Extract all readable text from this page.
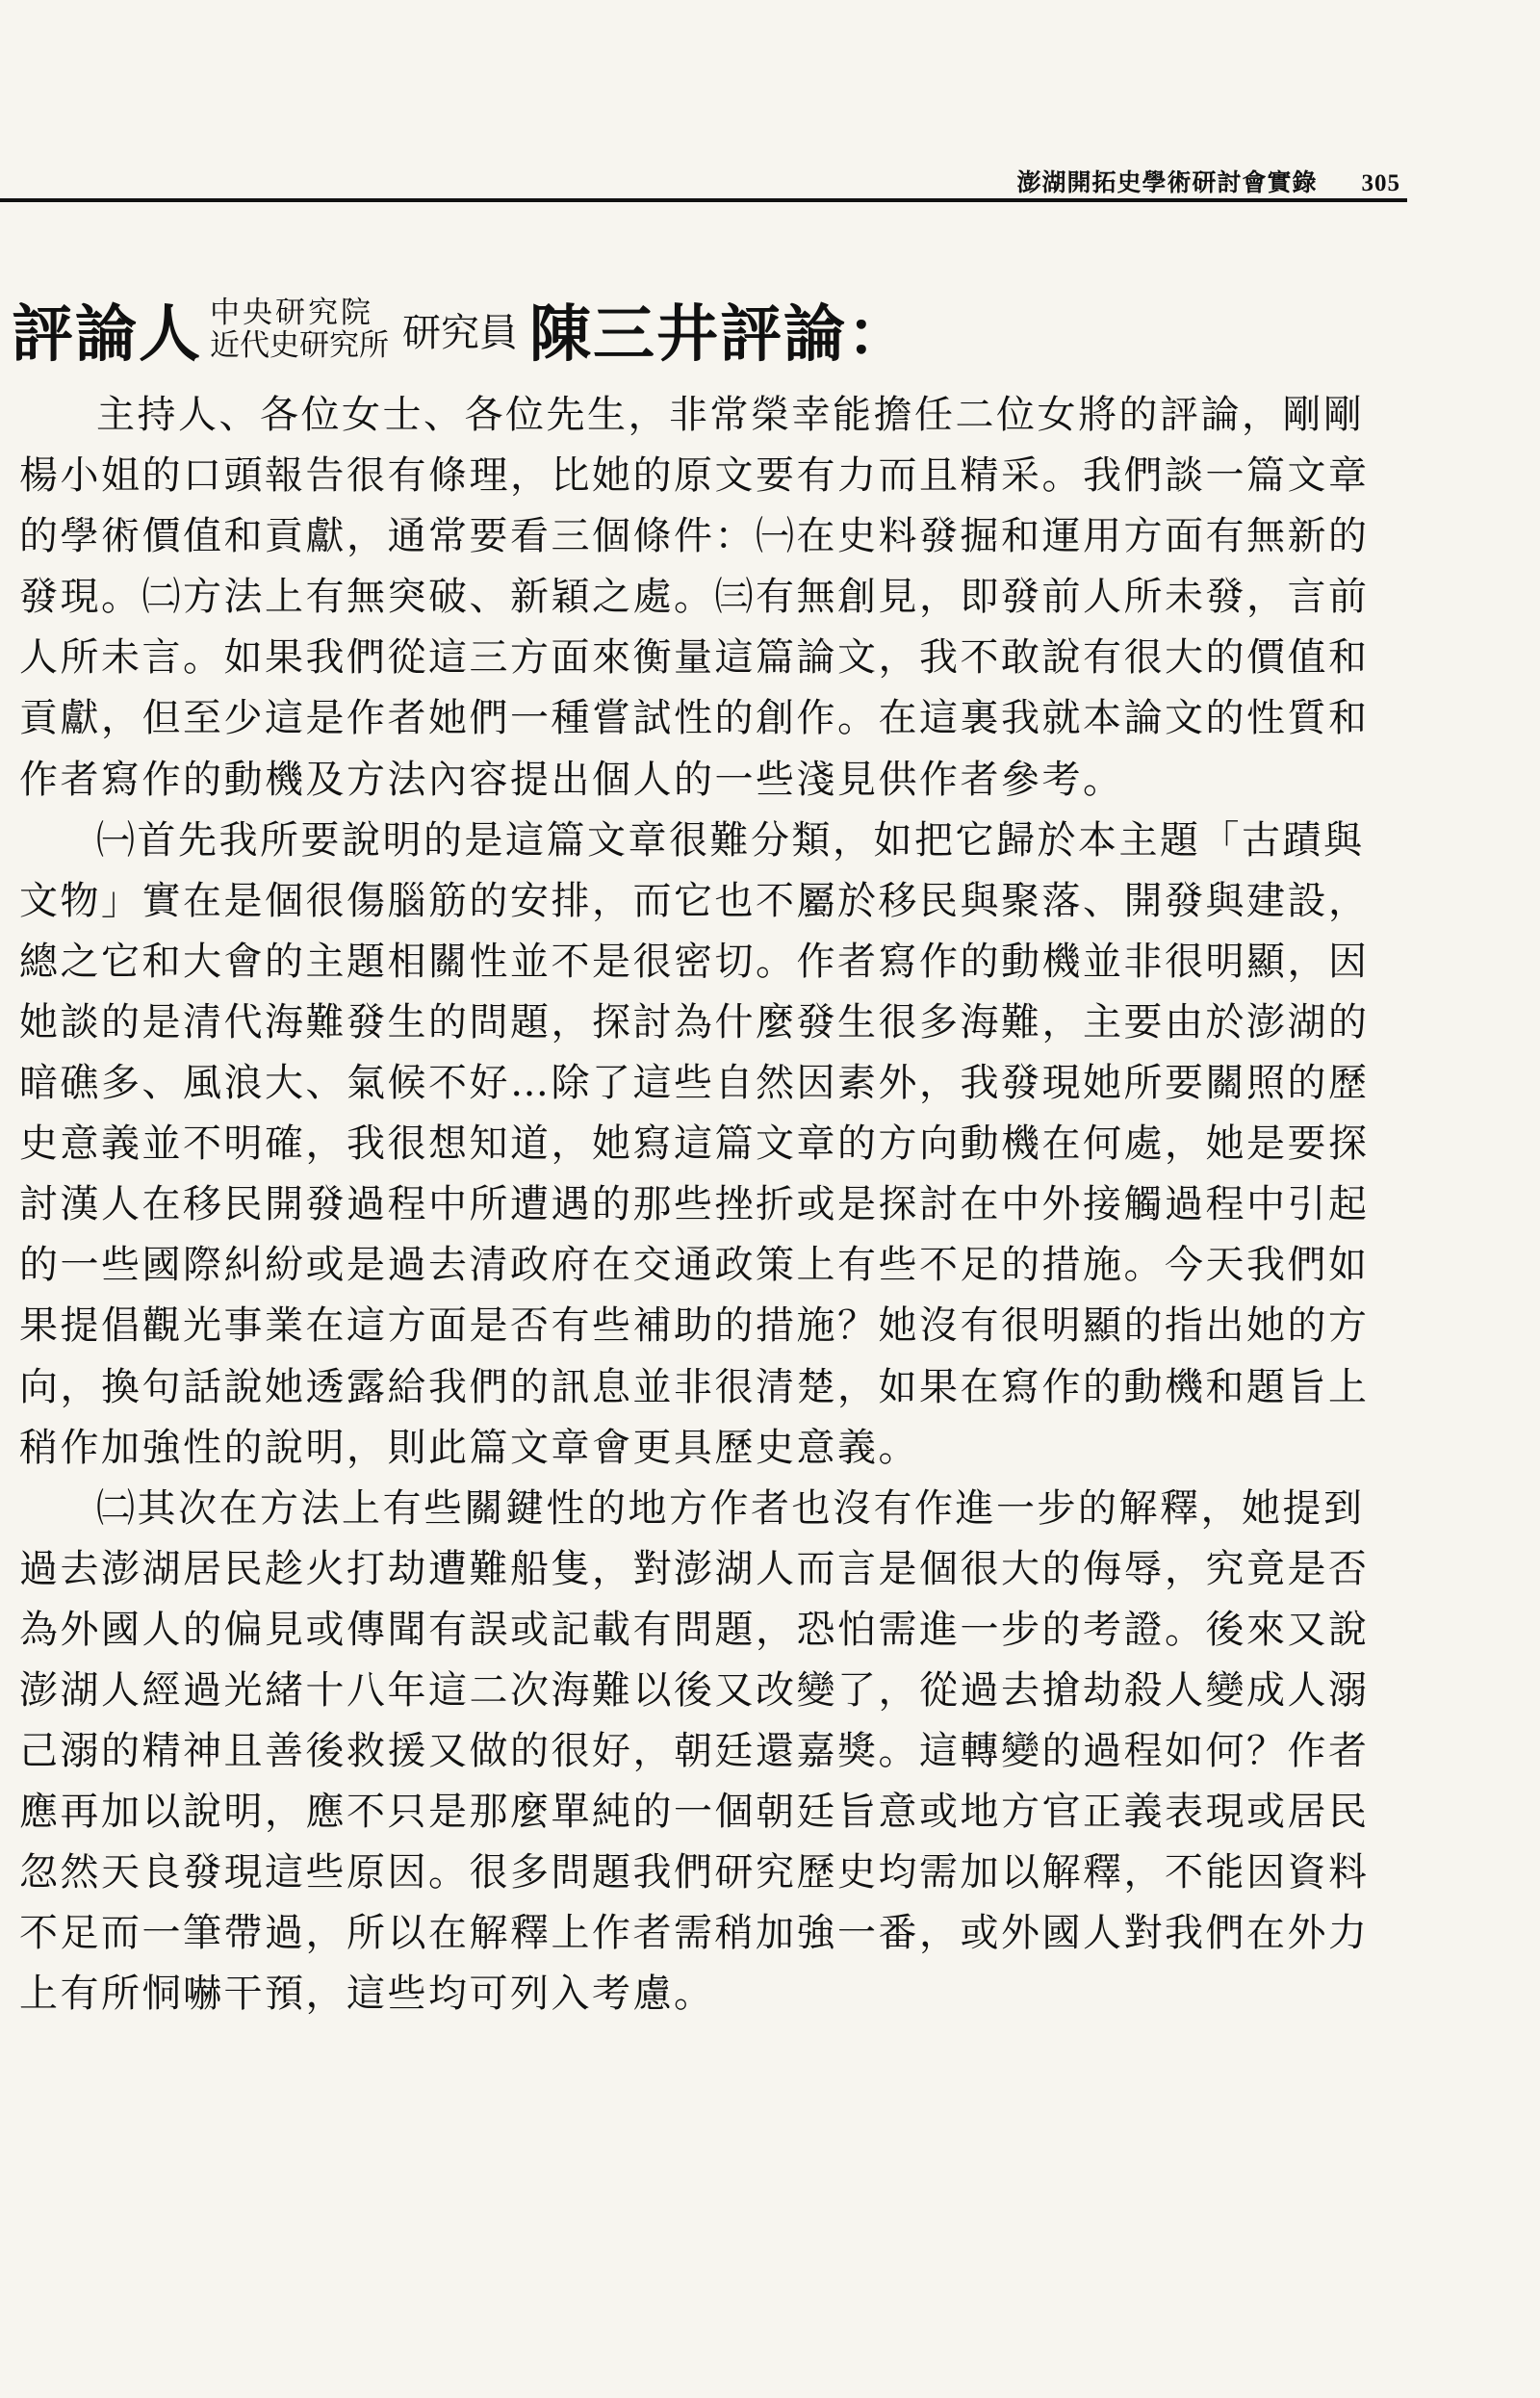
澎湖開拓史學術研討會實錄 305
評論人 中央研究院
近代史研究所 研究員 陳三井評論：

主持人、各位女士、各位先生，非常榮幸能擔任二位女將的評論，剛剛楊小姐的口頭報告很有條理，比她的原文要有力而且精采。我們談一篇文章的學術價值和貢獻，通常要看三個條件：㈠在史料發掘和運用方面有無新的發現。㈡方法上有無突破、新穎之處。㈢有無創見，即發前人所未發，言前人所未言。如果我們從這三方面來衡量這篇論文，我不敢說有很大的價值和貢獻，但至少這是作者她們一種嘗試性的創作。在這裏我就本論文的性質和作者寫作的動機及方法內容提出個人的一些淺見供作者參考。

㈠首先我所要說明的是這篇文章很難分類，如把它歸於本主題「古蹟與文物」實在是個很傷腦筋的安排，而它也不屬於移民與聚落、開發與建設，總之它和大會的主題相關性並不是很密切。作者寫作的動機並非很明顯，因她談的是清代海難發生的問題，探討為什麼發生很多海難，主要由於澎湖的暗礁多、風浪大、氣候不好…除了這些自然因素外，我發現她所要關照的歷史意義並不明確，我很想知道，她寫這篇文章的方向動機在何處，她是要探討漢人在移民開發過程中所遭遇的那些挫折或是探討在中外接觸過程中引起的一些國際糾紛或是過去清政府在交通政策上有些不足的措施。今天我們如果提倡觀光事業在這方面是否有些補助的措施？她沒有很明顯的指出她的方向，換句話說她透露給我們的訊息並非很清楚，如果在寫作的動機和題旨上稍作加強性的說明，則此篇文章會更具歷史意義。

㈡其次在方法上有些關鍵性的地方作者也沒有作進一步的解釋，她提到過去澎湖居民趁火打劫遭難船隻，對澎湖人而言是個很大的侮辱，究竟是否為外國人的偏見或傳聞有誤或記載有問題，恐怕需進一步的考證。後來又說澎湖人經過光緒十八年這二次海難以後又改變了，從過去搶劫殺人變成人溺己溺的精神且善後救援又做的很好，朝廷還嘉獎。這轉變的過程如何？作者應再加以說明，應不只是那麼單純的一個朝廷旨意或地方官正義表現或居民忽然天良發現這些原因。很多問題我們研究歷史均需加以解釋，不能因資料不足而一筆帶過，所以在解釋上作者需稍加強一番，或外國人對我們在外力上有所恫嚇干預，這些均可列入考慮。
